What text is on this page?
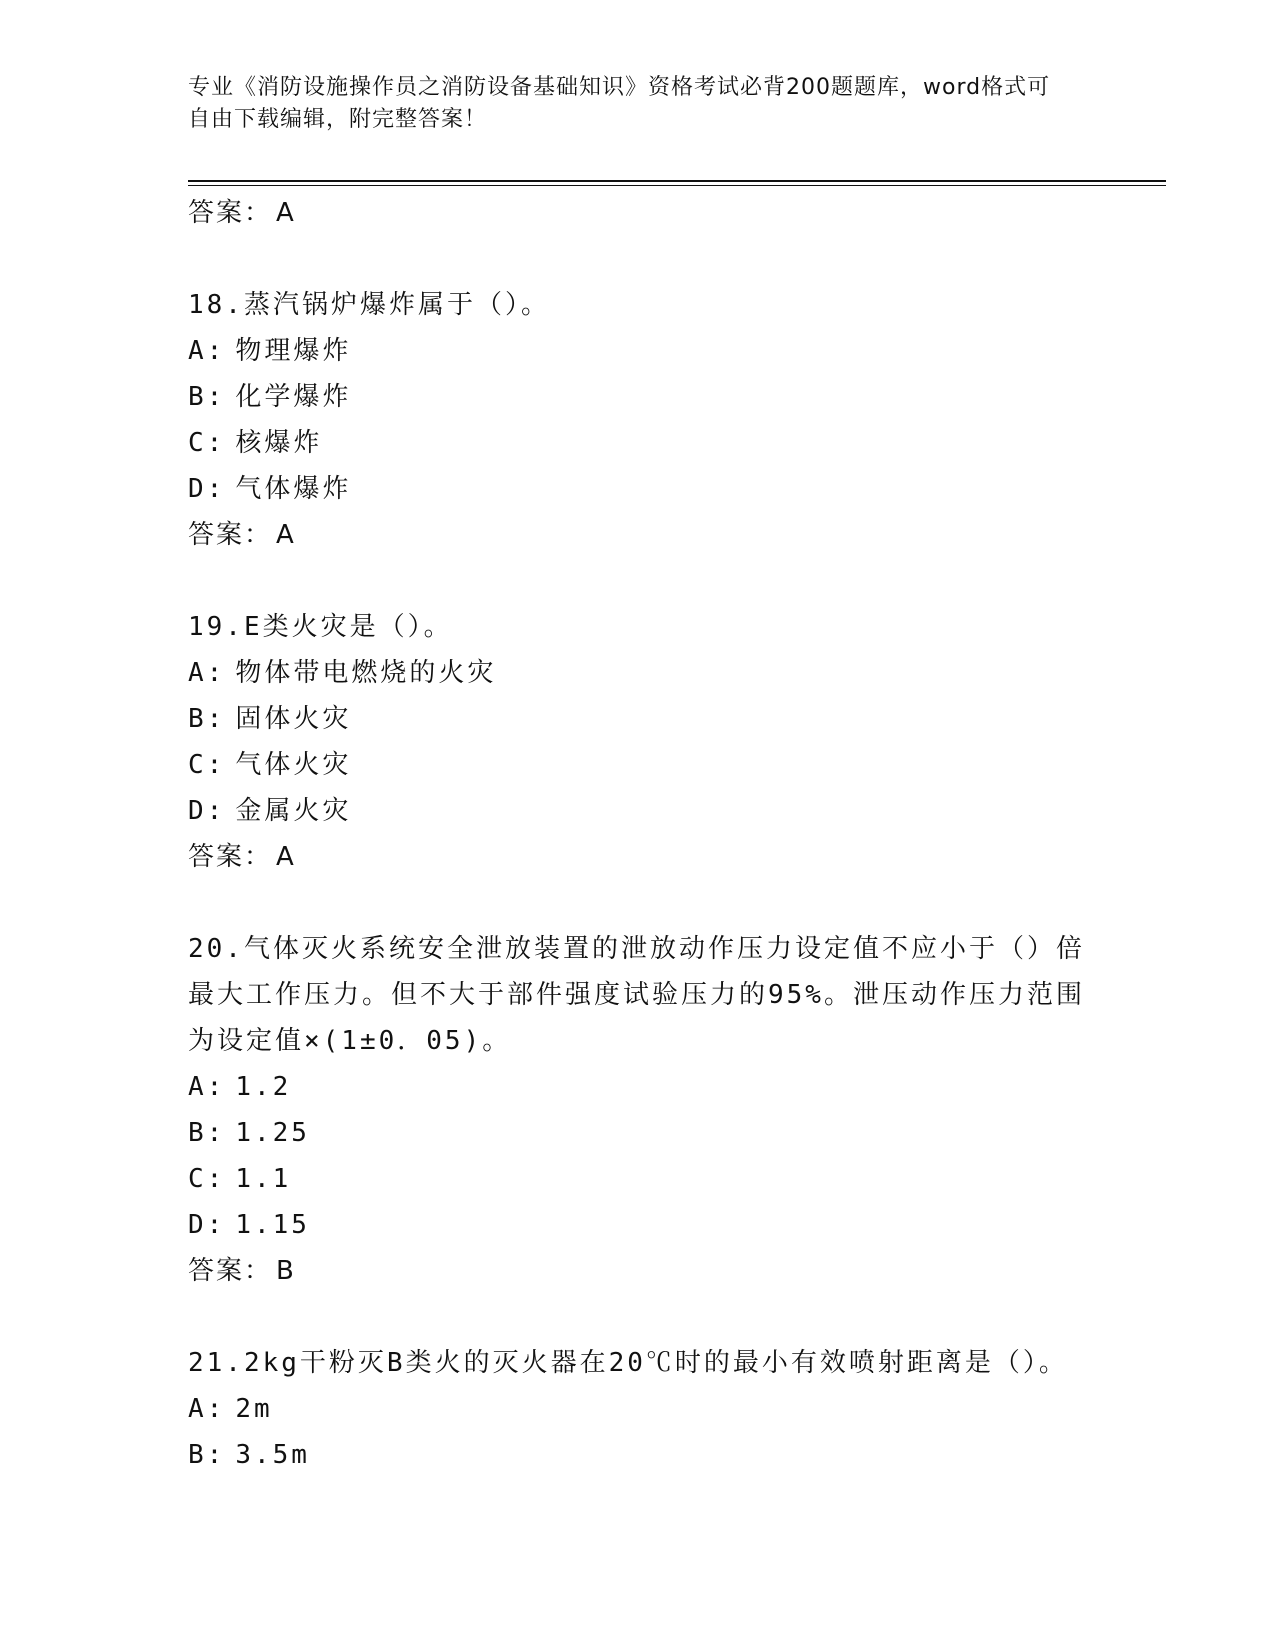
专业《消防设施操作员之消防设备基础知识》资格考试必背200题题库，word格式可自由下载编辑，附完整答案！
答案： A
18.蒸汽锅炉爆炸属于（）。
A: 物理爆炸
B: 化学爆炸
C: 核爆炸
D: 气体爆炸
答案： A
19.E类火灾是（）。
A: 物体带电燃烧的火灾
B: 固体火灾
C: 气体火灾
D: 金属火灾
答案： A
20.气体灭火系统安全泄放装置的泄放动作压力设定值不应小于（）倍最大工作压力。但不大于部件强度试验压力的95%。泄压动作压力范围为设定值×(1±0．05)。
A: 1.2
B: 1.25
C: 1.1
D: 1.15
答案： B
21.2kg干粉灭B类火的灭火器在20℃时的最小有效喷射距离是（）。
A: 2m
B: 3.5m
